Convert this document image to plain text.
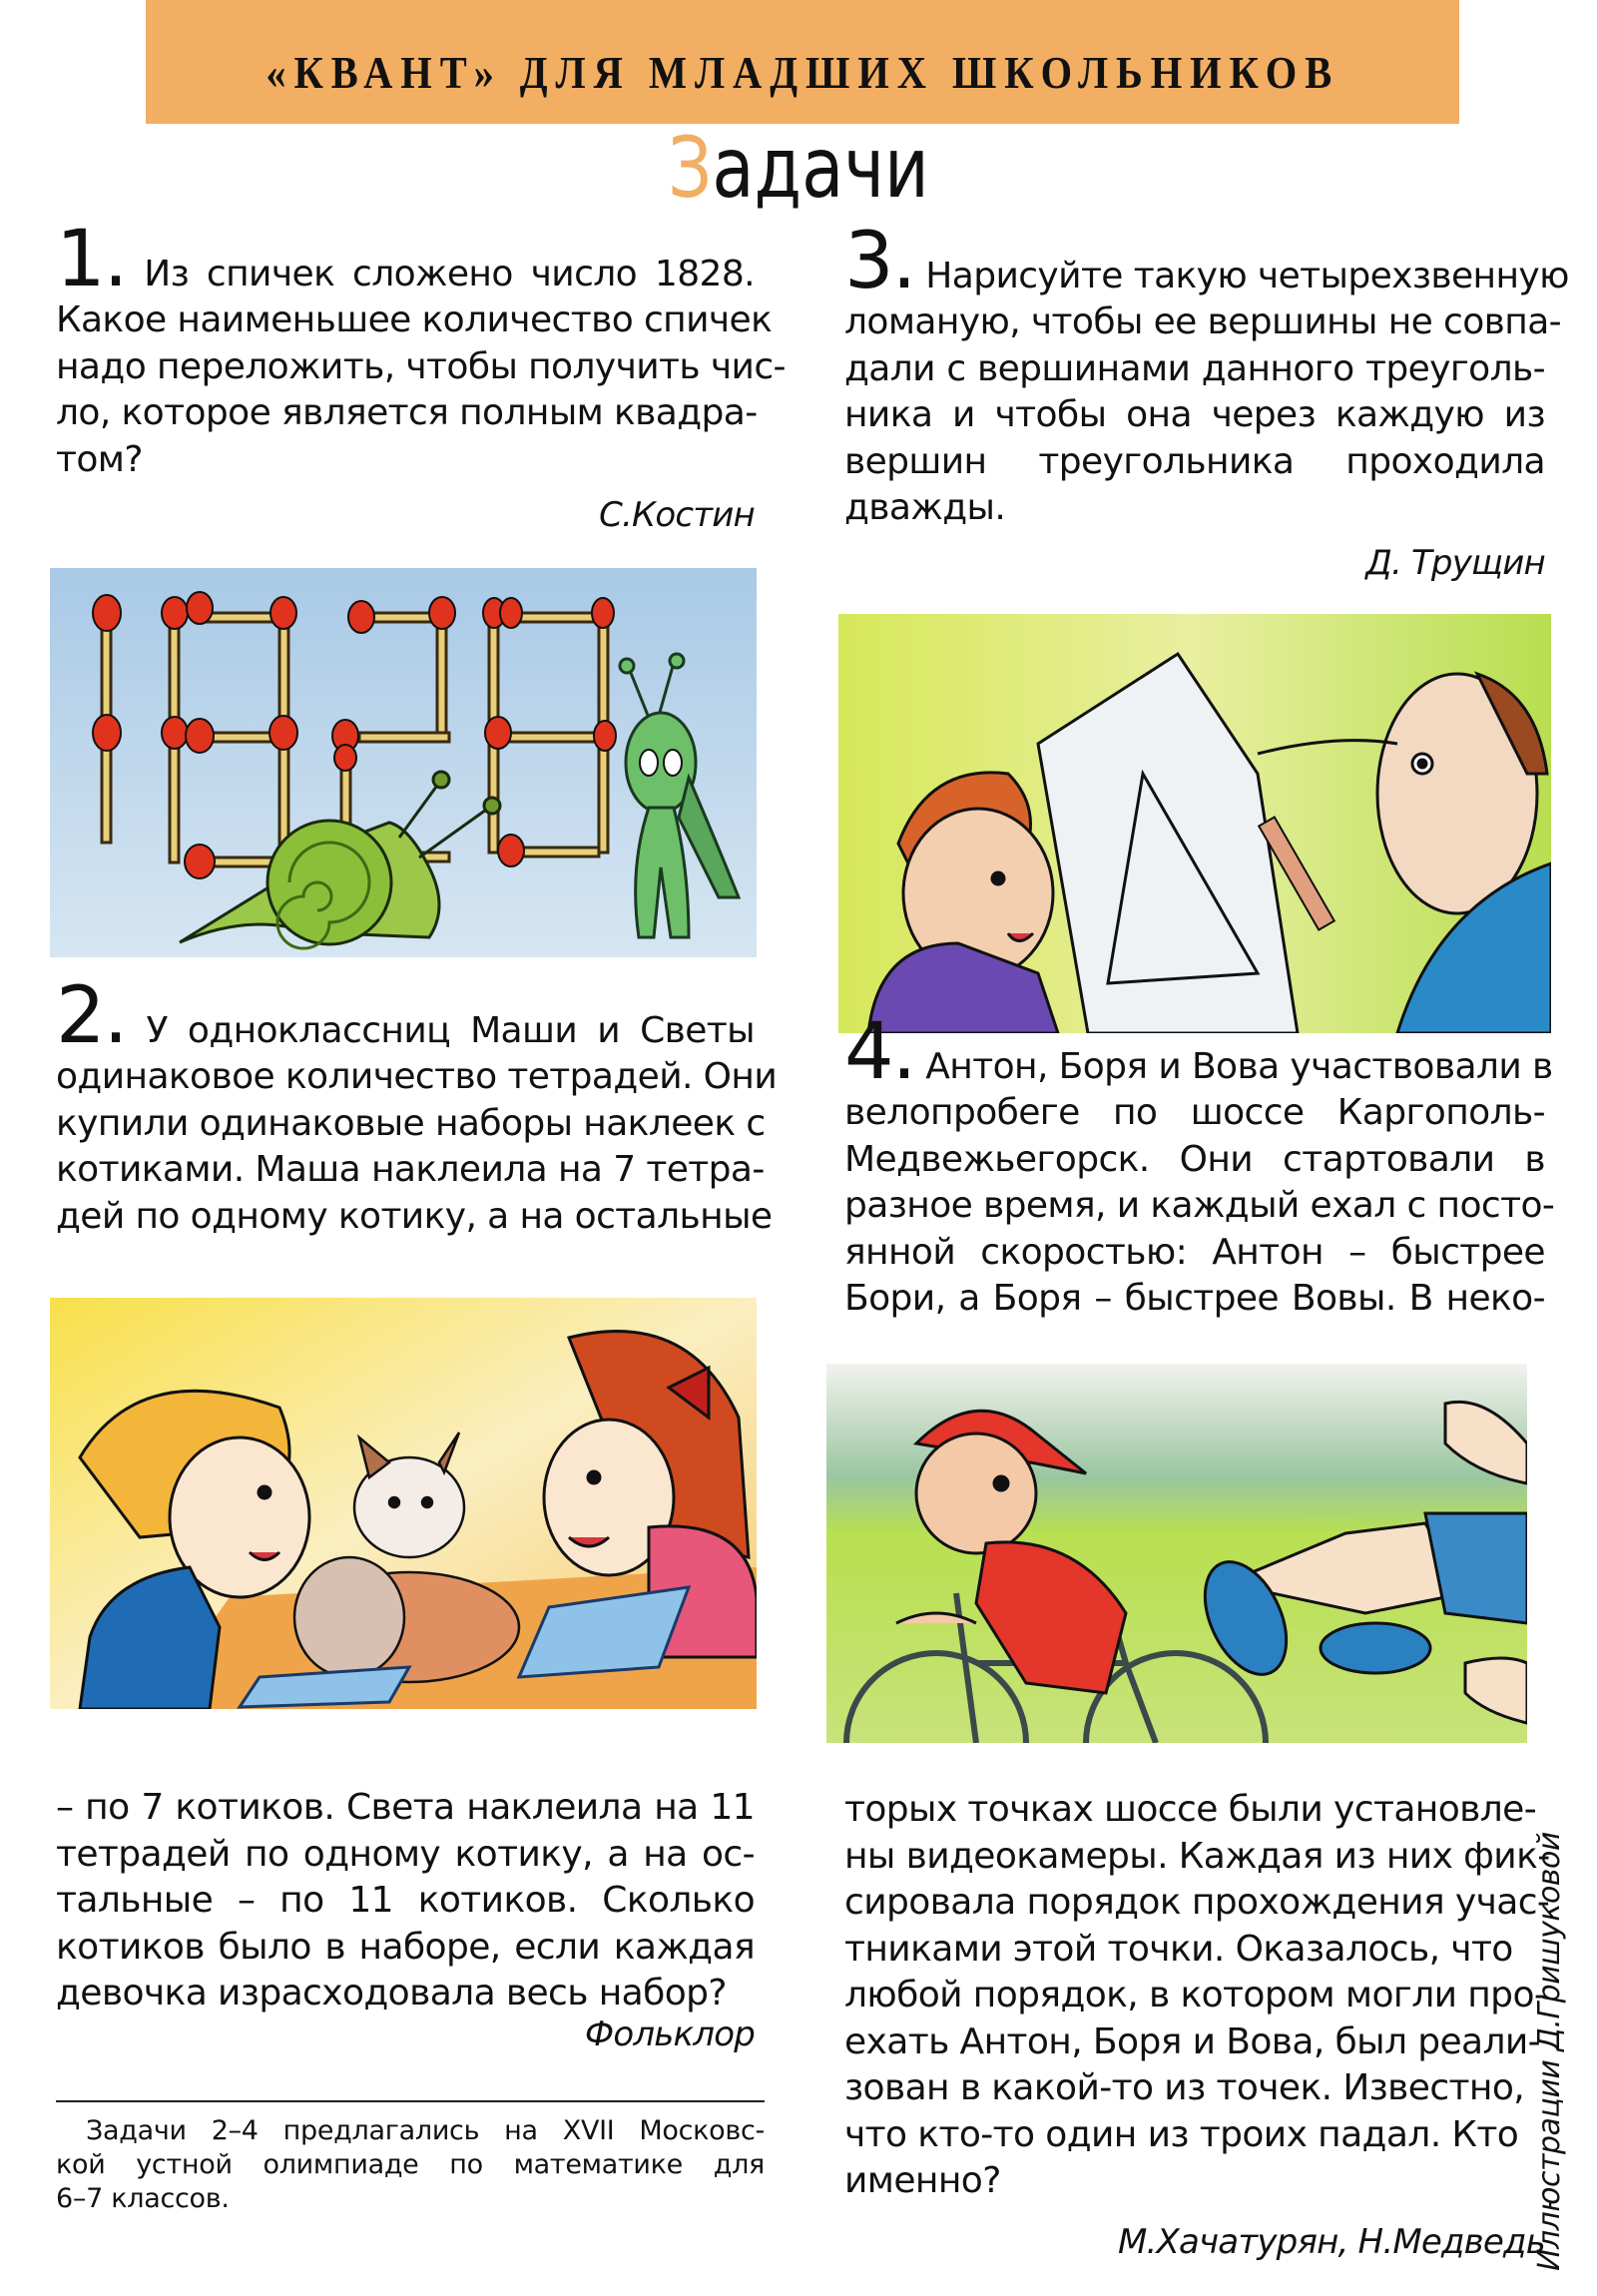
«КВАНТ» ДЛЯ МЛАДШИХ ШКОЛЬНИКОВ
Задачи
1. Из спичек сложено число 1828.
Какое наименьшее количество спичек
надо переложить, чтобы получить чис-
ло, которое является полным квадра-
том?
С.Костин
2. У одноклассниц Маши и Светы
одинаковое количество тетрадей. Они
купили одинаковые наборы наклеек с
котиками. Маша наклеила на 7 тетра-
дей по одному котику, а на остальные
– по 7 котиков. Света наклеила на 11
тетрадей по одному котику, а на ос-
тальные – по 11 котиков. Сколько
котиков было в наборе, если каждая
девочка израсходовала весь набор?
Фольклор
Задачи 2–4 предлагались на XVII Московс-
кой устной олимпиаде по математике для
6–7 классов.
3. Нарисуйте такую четырехзвенную
ломаную, чтобы ее вершины не совпа-
дали с вершинами данного треуголь-
ника и чтобы она через каждую из
вершин треугольника проходила
дважды.
Д. Трущин
4. Антон, Боря и Вова участвовали в
велопробеге по шоссе Каргополь-
Медвежьегорск. Они стартовали в
разное время, и каждый ехал с посто-
янной скоростью: Антон – быстрее
Бори, а Боря – быстрее Вовы. В неко-
торых точках шоссе были установле-
ны видеокамеры. Каждая из них фик-
сировала порядок прохождения учас-
тниками этой точки. Оказалось, что
любой порядок, в котором могли про-
ехать Антон, Боря и Вова, был реали-
зован в какой-то из точек. Известно,
что кто-то один из троих падал. Кто
именно?
М.Хачатурян, Н.Медведь
Иллюстрации Д.Гришуковой
